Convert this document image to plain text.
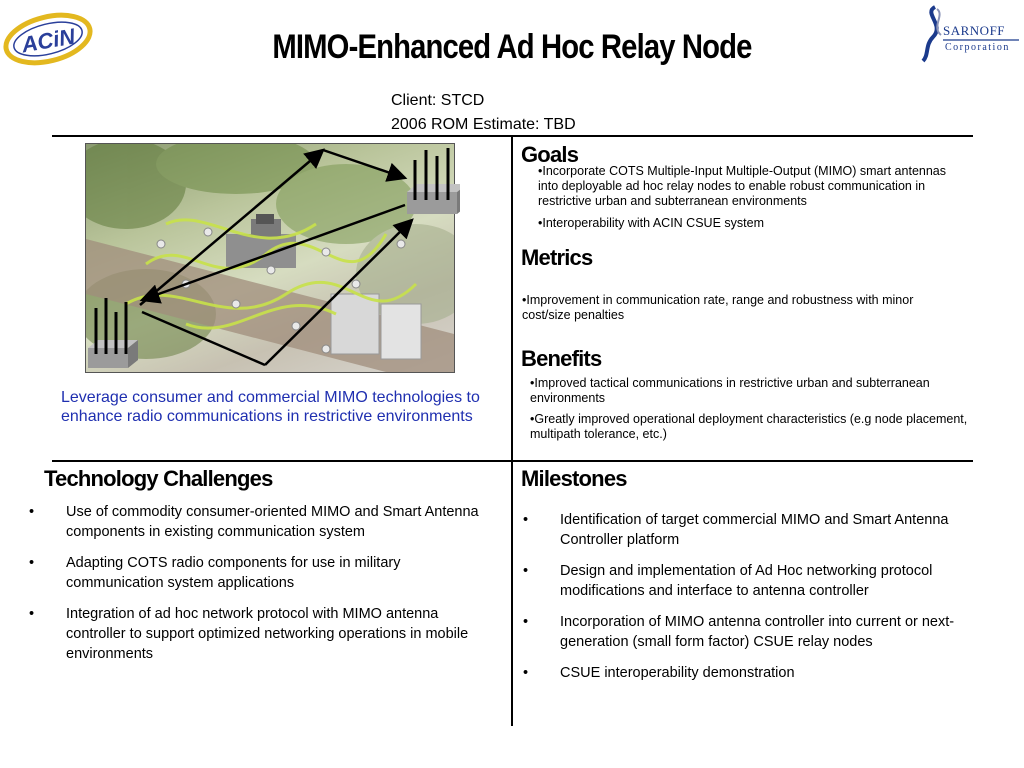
ACiN	SARNOFF
Corporation
MIMO-Enhanced Ad Hoc Relay Node
Client: STCD
2006 ROM Estimate: TBD
Leverage consumer and commercial MIMO technologies to enhance radio communications in restrictive environments
Goals
•Incorporate COTS Multiple-Input Multiple-Output (MIMO) smart antennas into deployable ad hoc relay nodes to enable robust communication in restrictive urban and subterranean environments
•Interoperability with ACIN CSUE system
Metrics
•Improvement in communication rate, range and robustness with minor cost/size penalties
Benefits
•Improved tactical communications in restrictive urban and subterranean environments
•Greatly improved operational deployment characteristics (e.g node placement, multipath tolerance, etc.)
Technology Challenges
• Use of commodity consumer-oriented MIMO and Smart Antenna components in existing communication system
• Adapting COTS radio components for use in military communication system applications
• Integration of ad hoc network protocol with MIMO antenna controller to support optimized networking operations in mobile environments
Milestones
• Identification of target commercial MIMO and Smart Antenna Controller platform
• Design and implementation of Ad Hoc networking protocol modifications and interface to antenna controller
• Incorporation of MIMO antenna controller into current or next-generation (small form factor) CSUE relay nodes
• CSUE interoperability demonstration
